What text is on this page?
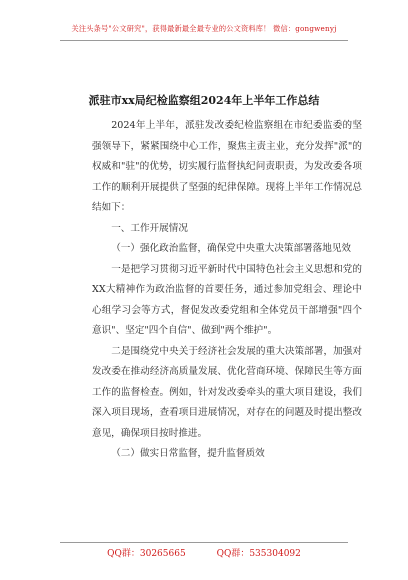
关注头条号"公文研究"，获得最新最全最专业的公文资料库！ 微信：gongwenyj
派驻市xx局纪检监察组2024年上半年工作总结

2024年上半年，派驻发改委纪检监察组在市纪委监委的坚强领导下，紧紧围绕中心工作，聚焦主责主业，充分发挥"派"的权威和"驻"的优势，切实履行监督执纪问责职责，为发改委各项工作的顺利开展提供了坚强的纪律保障。现将上半年工作情况总结如下：

一、工作开展情况

（一）强化政治监督，确保党中央重大决策部署落地见效

一是把学习贯彻习近平新时代中国特色社会主义思想和党的XX大精神作为政治监督的首要任务，通过参加党组会、理论中心组学习会等方式，督促发改委党组和全体党员干部增强"四个意识"、坚定"四个自信"、做到"两个维护"。

二是围绕党中央关于经济社会发展的重大决策部署，加强对发改委在推动经济高质量发展、优化营商环境、保障民生等方面工作的监督检查。例如，针对发改委牵头的重大项目建设，我们深入项目现场，查看项目进展情况，对存在的问题及时提出整改意见，确保项目按时推进。

（二）做实日常监督，提升监督质效

QQ群：30265665	QQ群：535304092
